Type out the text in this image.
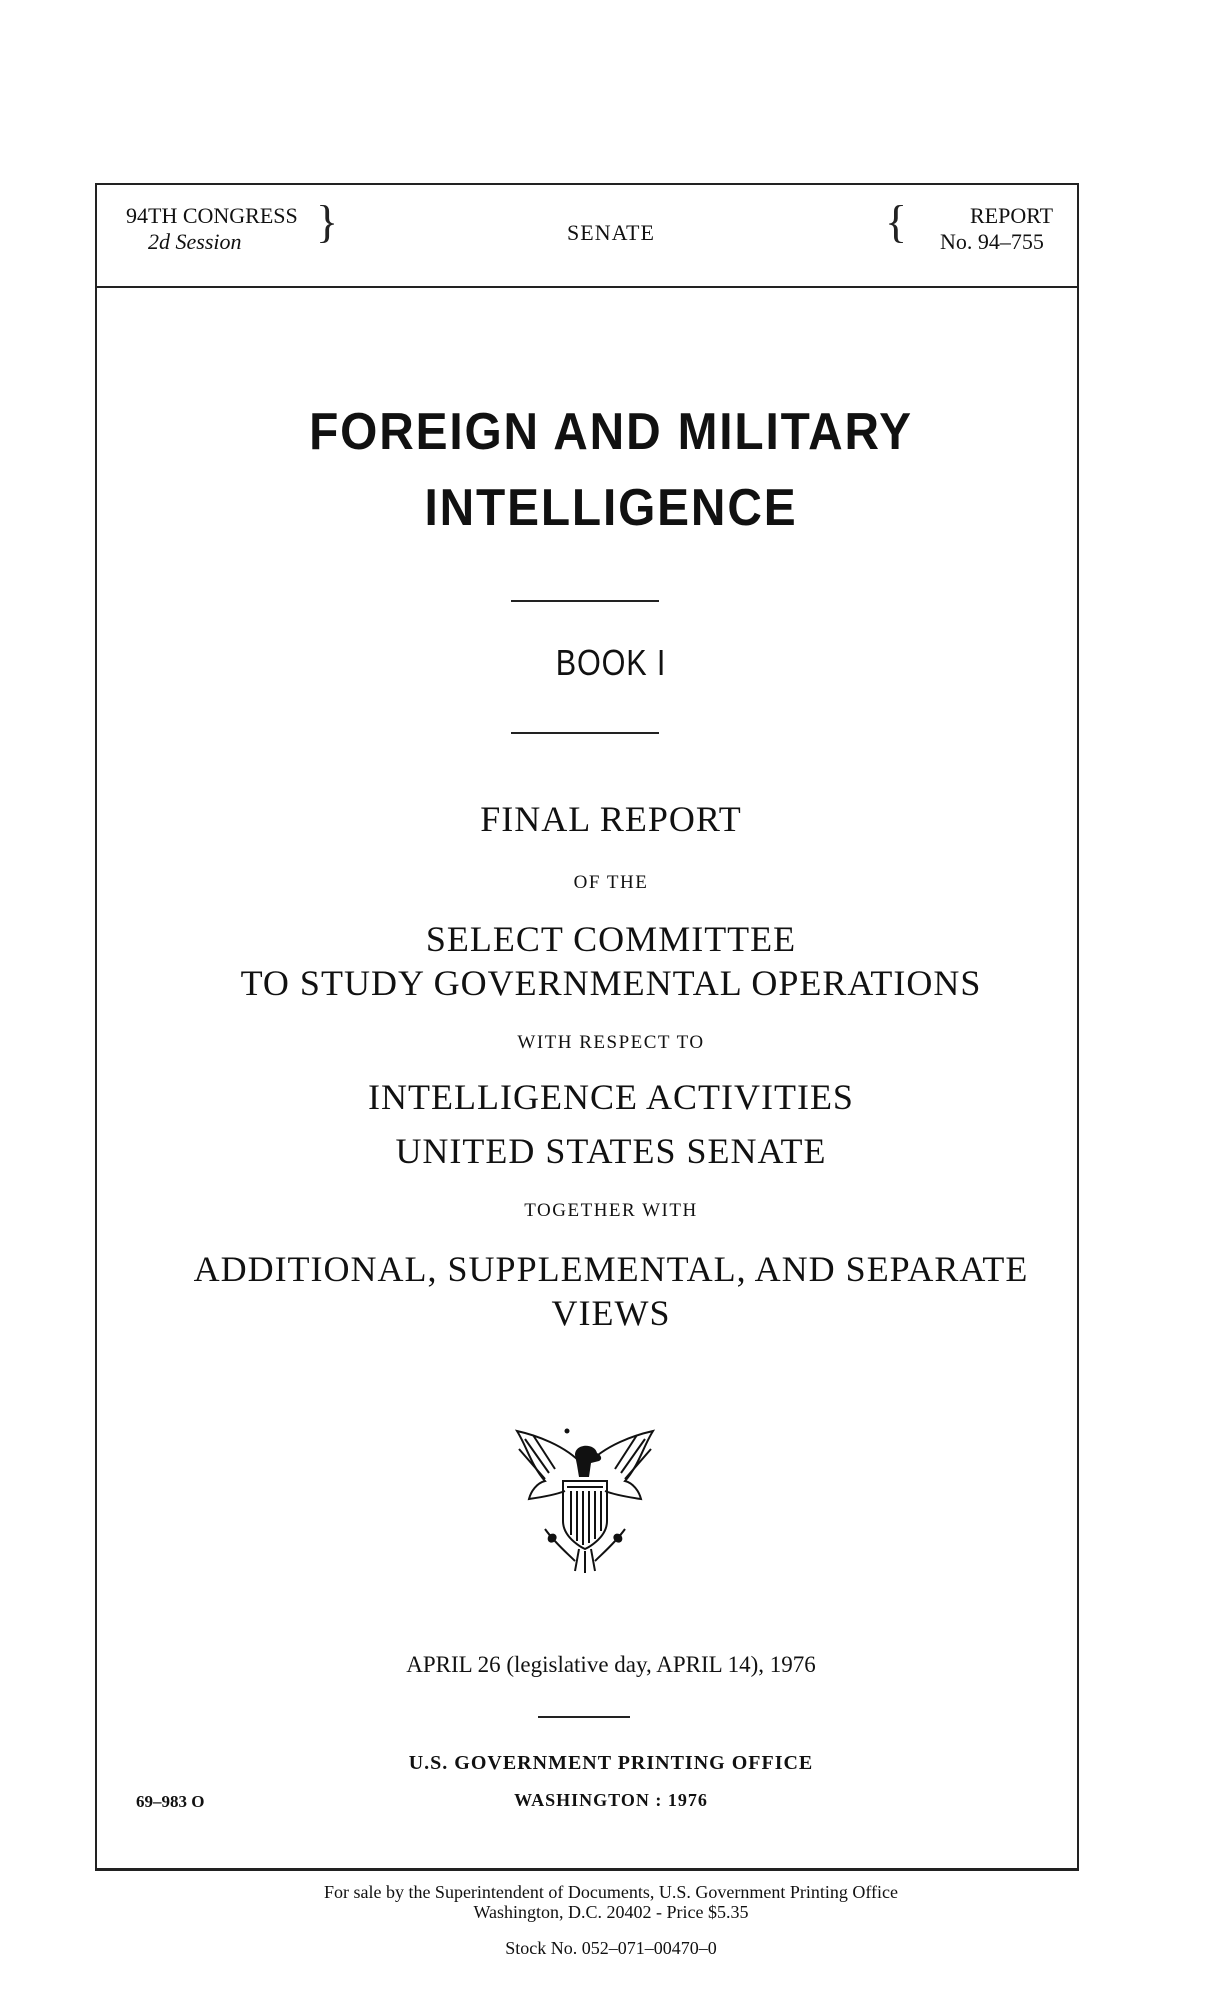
94TH CONGRESS
2d Session	}	SENATE	{	REPORT
No. 94–755
FOREIGN AND MILITARY
INTELLIGENCE
BOOK I
FINAL REPORT
OF THE
SELECT COMMITTEE
TO STUDY GOVERNMENTAL OPERATIONS
WITH RESPECT TO
INTELLIGENCE ACTIVITIES
UNITED STATES SENATE
TOGETHER WITH
ADDITIONAL, SUPPLEMENTAL, AND SEPARATE
VIEWS
APRIL 26 (legislative day, APRIL 14), 1976
U.S. GOVERNMENT PRINTING OFFICE
WASHINGTON : 1976
69–983 O
For sale by the Superintendent of Documents, U.S. Government Printing Office
Washington, D.C. 20402 - Price $5.35
Stock No. 052–071–00470–0
